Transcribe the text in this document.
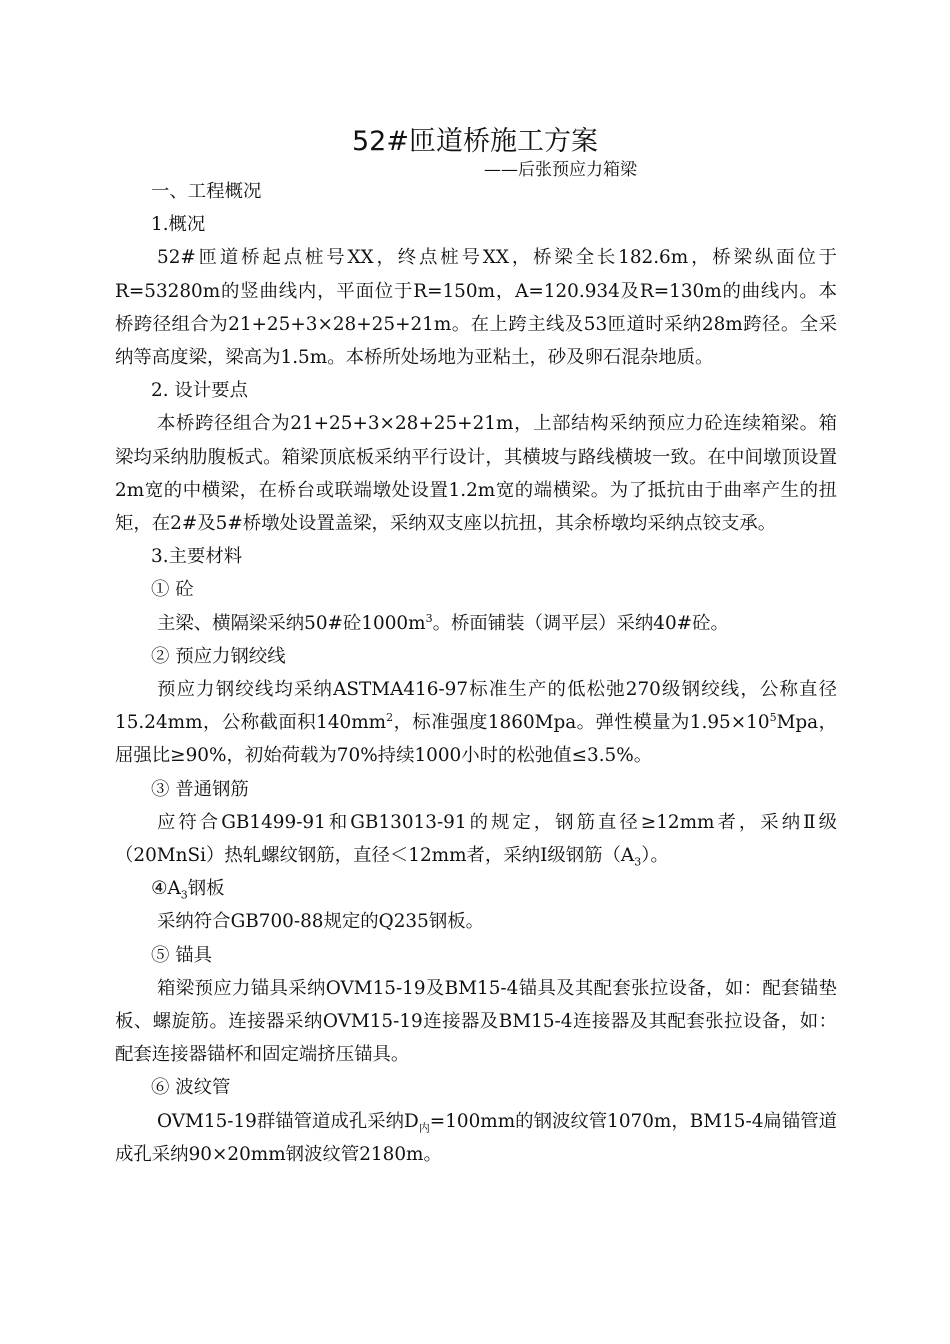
52#匝道桥施工方案
——后张预应力箱梁

一、工程概况

1.概况

52#匝道桥起点桩号XX，终点桩号XX，桥梁全长182.6m，桥梁纵面位于R=53280m的竖曲线内，平面位于R=150m，A=120.934及R=130m的曲线内。本桥跨径组合为21+25+3×28+25+21m。在上跨主线及53匝道时采纳28m跨径。全采纳等高度梁，梁高为1.5m。本桥所处场地为亚粘土，砂及卵石混杂地质。

2. 设计要点

本桥跨径组合为21+25+3×28+25+21m，上部结构采纳预应力砼连续箱梁。箱梁均采纳肋腹板式。箱梁顶底板采纳平行设计，其横坡与路线横坡一致。在中间墩顶设置2m宽的中横梁，在桥台或联端墩处设置1.2m宽的端横梁。为了抵抗由于曲率产生的扭矩，在2#及5#桥墩处设置盖梁，采纳双支座以抗扭，其余桥墩均采纳点铰支承。

3.主要材料

① 砼

主梁、横隔梁采纳50#砼$1000m^3$。桥面铺装（调平层）采纳40#砼。

② 预应力钢绞线

预应力钢绞线均采纳ASTMA416-97标准生产的低松弛270级钢绞线，公称直径15.24mm，公称截面积$140mm^2$，标准强度1860Mpa。弹性模量为$1.95\times 10^5Mpa$，屈强比≥90%，初始荷载为70%持续1000小时的松弛值≤3.5%。

③ 普通钢筋

应符合GB1499-91和GB13013-91的规定，钢筋直径≥12mm者，采纳Ⅱ级（20MnSi）热轧螺纹钢筋，直径＜12mm者，采纳Ⅰ级钢筋$(A_3)$。

$④A_3$钢板

采纳符合GB700-88规定的Q235钢板。

⑤ 锚具

箱梁预应力锚具采纳OVM15-19及BM15-4锚具及其配套张拉设备，如：配套锚垫板、螺旋筋。连接器采纳OVM15-19连接器及BM15-4连接器及其配套张拉设备，如：配套连接器锚杯和固定端挤压锚具。

⑥ 波纹管

OVM15-19群锚管道成孔采纳$D_内=100mm$的钢波纹管1070m，BM15-4扁锚管道成孔采纳90×20mm钢波纹管2180m。
